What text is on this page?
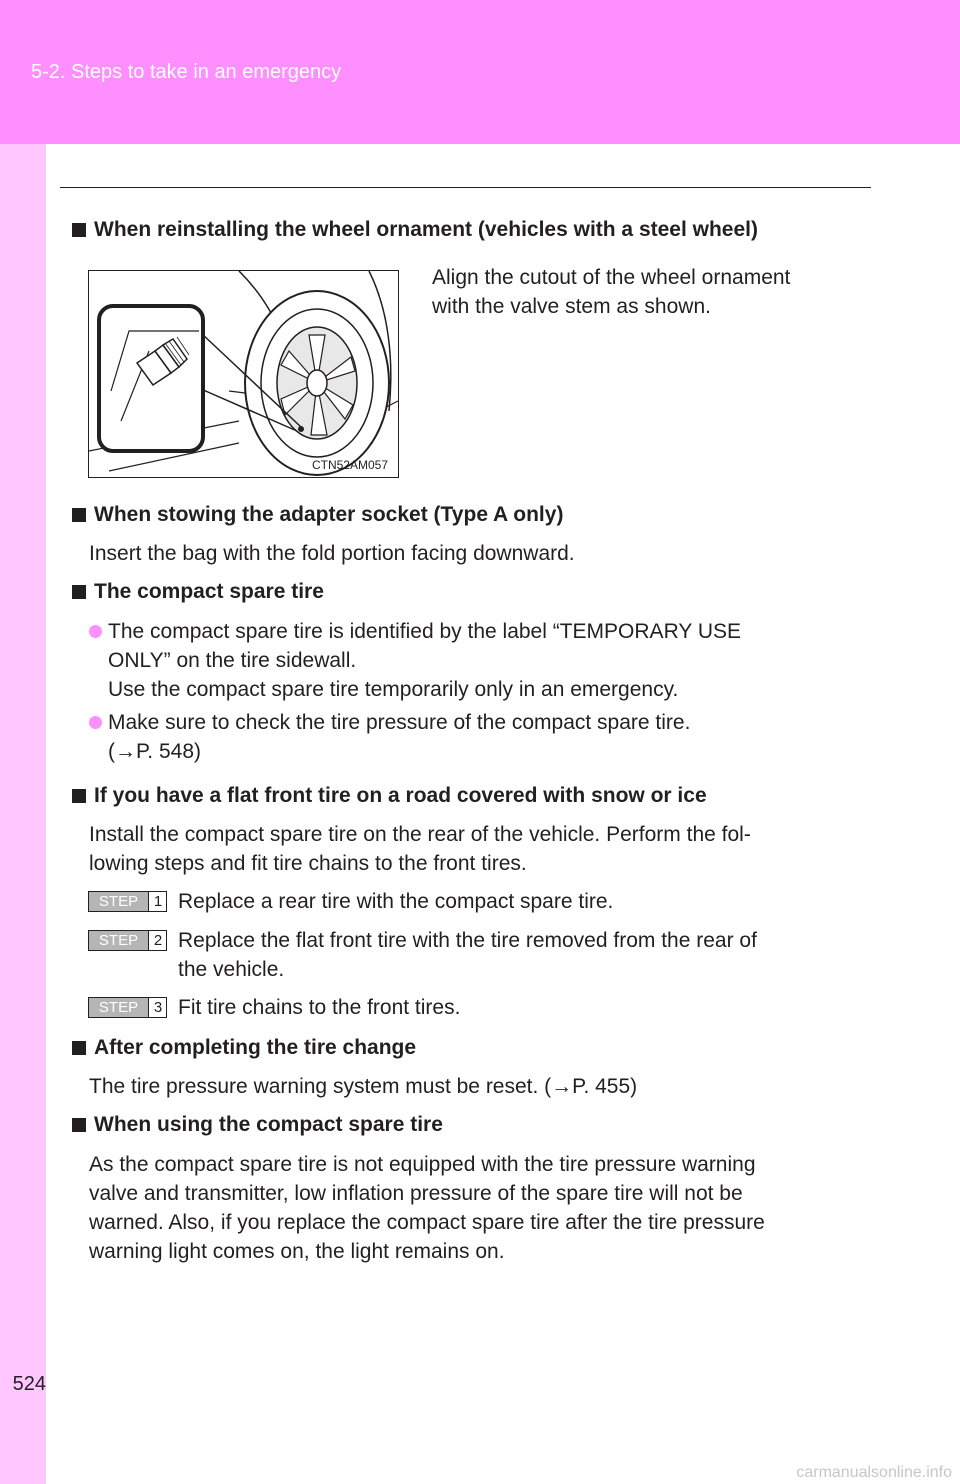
5-2. Steps to take in an emergency
524
When reinstalling the wheel ornament (vehicles with a steel wheel)
CTN52AM057
Align the cutout of the wheel ornament
with the valve stem as shown.
When stowing the adapter socket (Type A only)
Insert the bag with the fold portion facing downward.
The compact spare tire
The compact spare tire is identified by the label “TEMPORARY USE
ONLY” on the tire sidewall.
Use the compact spare tire temporarily only in an emergency.
Make sure to check the tire pressure of the compact spare tire.
(→P. 548)
If you have a flat front tire on a road covered with snow or ice
Install the compact spare tire on the rear of the vehicle. Perform the fol-
lowing steps and fit tire chains to the front tires.
STEP	1 Replace a rear tire with the compact spare tire.
STEP	2 Replace the flat front tire with the tire removed from the rear of
the vehicle.
STEP	3 Fit tire chains to the front tires.
After completing the tire change
The tire pressure warning system must be reset. (→P. 455)
When using the compact spare tire
As the compact spare tire is not equipped with the tire pressure warning
valve and transmitter, low inflation pressure of the spare tire will not be
warned. Also, if you replace the compact spare tire after the tire pressure
warning light comes on, the light remains on.
carmanualsonline.info
